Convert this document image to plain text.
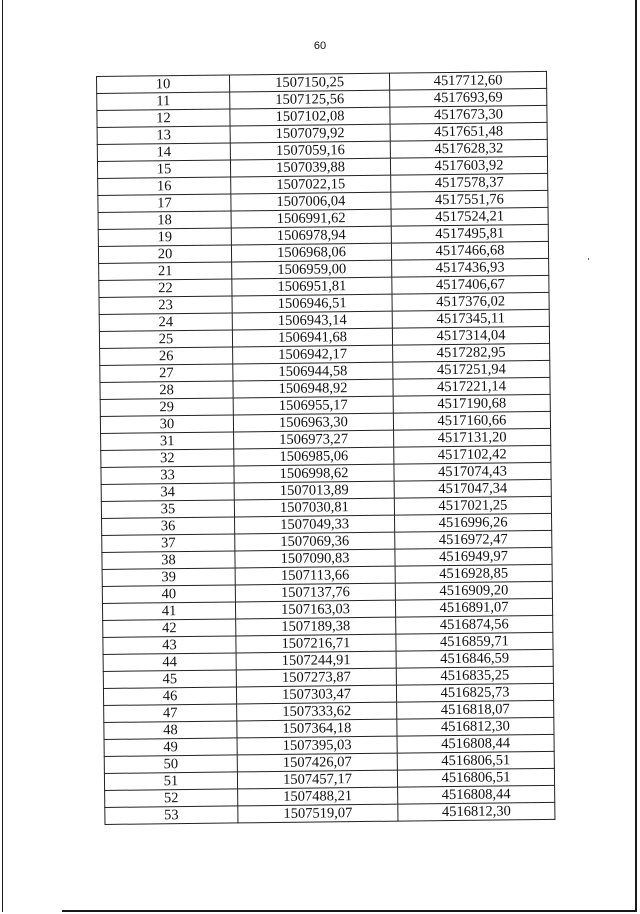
60
10	1507150,25	4517712,60
11	1507125,56	4517693,69
12	1507102,08	4517673,30
13	1507079,92	4517651,48
14	1507059,16	4517628,32
15	1507039,88	4517603,92
16	1507022,15	4517578,37
17	1507006,04	4517551,76
18	1506991,62	4517524,21
19	1506978,94	4517495,81
20	1506968,06	4517466,68
21	1506959,00	4517436,93
22	1506951,81	4517406,67
23	1506946,51	4517376,02
24	1506943,14	4517345,11
25	1506941,68	4517314,04
26	1506942,17	4517282,95
27	1506944,58	4517251,94
28	1506948,92	4517221,14
29	1506955,17	4517190,68
30	1506963,30	4517160,66
31	1506973,27	4517131,20
32	1506985,06	4517102,42
33	1506998,62	4517074,43
34	1507013,89	4517047,34
35	1507030,81	4517021,25
36	1507049,33	4516996,26
37	1507069,36	4516972,47
38	1507090,83	4516949,97
39	1507113,66	4516928,85
40	1507137,76	4516909,20
41	1507163,03	4516891,07
42	1507189,38	4516874,56
43	1507216,71	4516859,71
44	1507244,91	4516846,59
45	1507273,87	4516835,25
46	1507303,47	4516825,73
47	1507333,62	4516818,07
48	1507364,18	4516812,30
49	1507395,03	4516808,44
50	1507426,07	4516806,51
51	1507457,17	4516806,51
52	1507488,21	4516808,44
53	1507519,07	4516812,30
